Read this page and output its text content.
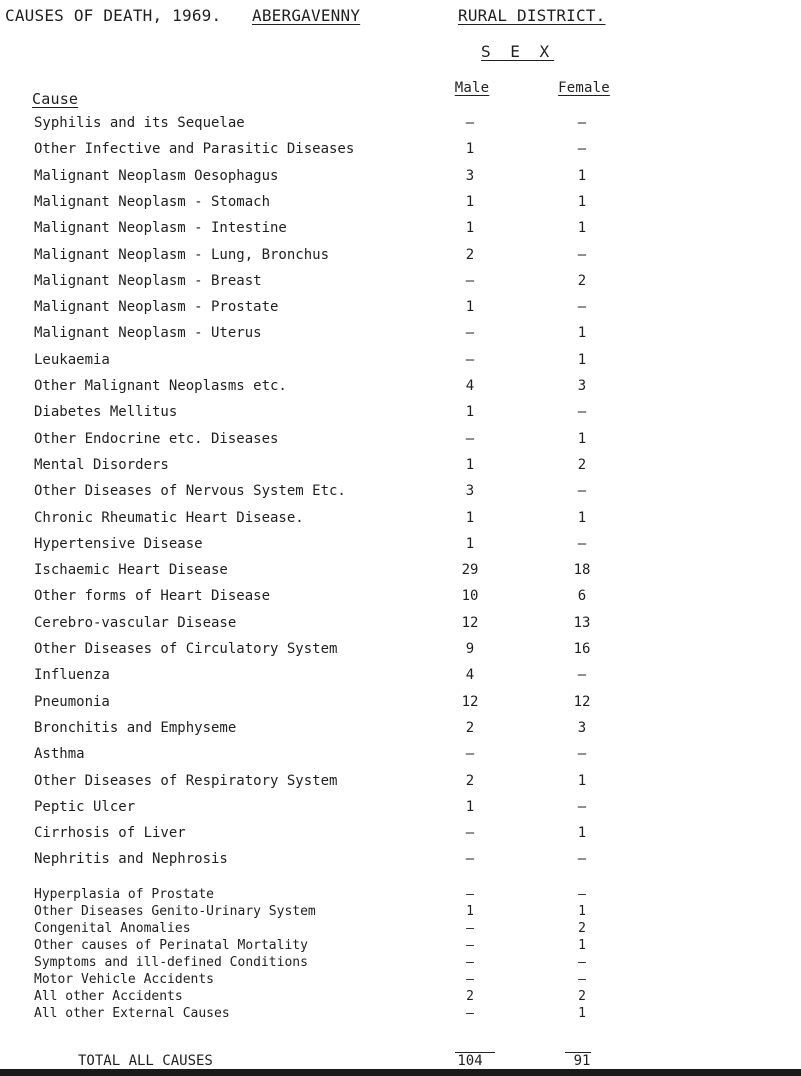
CAUSES OF DEATH, 1969.	ABERGAVENNY	RURAL DISTRICT.
S E X
Cause
Male	Female
Syphilis and its Sequelae	–	–
Other Infective and Parasitic Diseases	1	–
Malignant Neoplasm Oesophagus	3	1
Malignant Neoplasm - Stomach	1	1
Malignant Neoplasm - Intestine	1	1
Malignant Neoplasm - Lung, Bronchus	2	–
Malignant Neoplasm - Breast	–	2
Malignant Neoplasm - Prostate	1	–
Malignant Neoplasm - Uterus	–	1
Leukaemia	–	1
Other Malignant Neoplasms etc.	4	3
Diabetes Mellitus	1	–
Other Endocrine etc. Diseases	–	1
Mental Disorders	1	2
Other Diseases of Nervous System Etc.	3	–
Chronic Rheumatic Heart Disease.	1	1
Hypertensive Disease	1	–
Ischaemic Heart Disease	29	18
Other forms of Heart Disease	10	6
Cerebro-vascular Disease	12	13
Other Diseases of Circulatory System	9	16
Influenza	4	–
Pneumonia	12	12
Bronchitis and Emphyseme	2	3
Asthma	–	–
Other Diseases of Respiratory System	2	1
Peptic Ulcer	1	–
Cirrhosis of Liver	–	1
Nephritis and Nephrosis	–	–
Hyperplasia of Prostate	–	–
Other Diseases Genito-Urinary System	1	1
Congenital Anomalies	–	2
Other causes of Perinatal Mortality	–	1
Symptoms and ill-defined Conditions	–	–
Motor Vehicle Accidents	–	–
All other Accidents	2	2
All other External Causes	–	1
TOTAL ALL CAUSES	104	91
